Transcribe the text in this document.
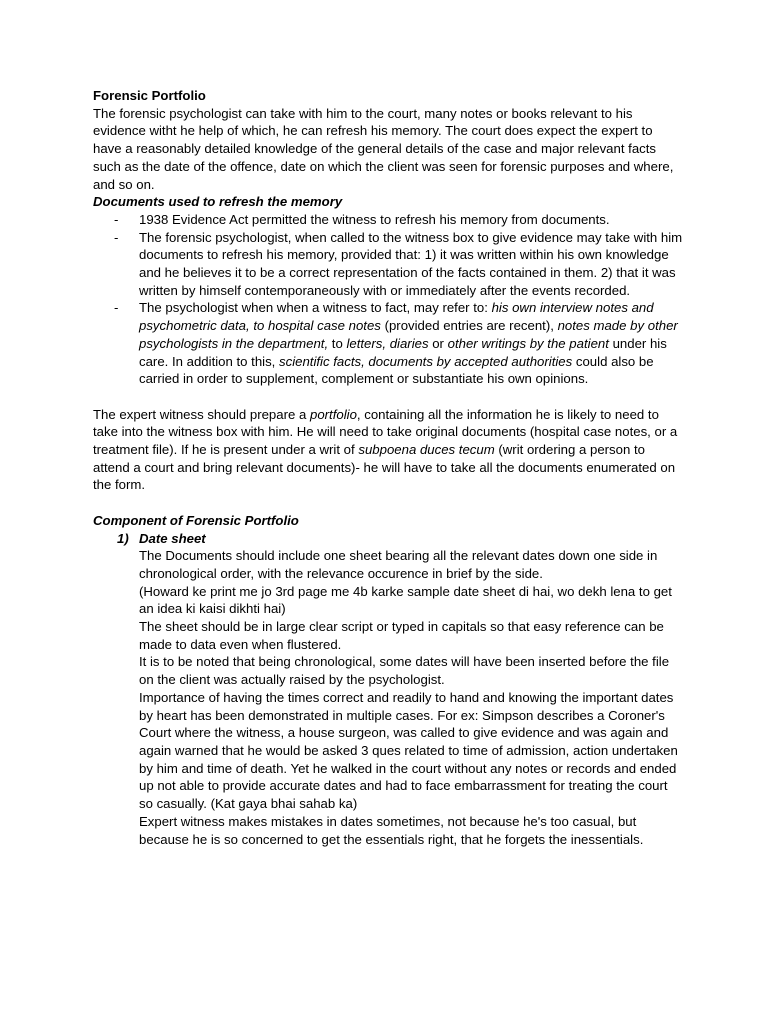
Forensic Portfolio

The forensic psychologist can take with him to the court, many notes or books relevant to his evidence witht he help of which, he can refresh his memory. The court does expect the expert to have a reasonably detailed knowledge of the general details of the case and major relevant facts such as the date of the offence, date on which the client was seen for forensic purposes and where, and so on.

Documents used to refresh the memory

- 1938 Evidence Act permitted the witness to refresh his memory from documents.
- The forensic psychologist, when called to the witness box to give evidence may take with him documents to refresh his memory, provided that: 1) it was written within his own knowledge and he believes it to be a correct representation of the facts contained in them. 2) that it was written by himself contemporaneously with or immediately after the events recorded.
- The psychologist when when a witness to fact, may refer to: his own interview notes and psychometric data, to hospital case notes (provided entries are recent), notes made by other psychologists in the department, to letters, diaries or other writings by the patient under his care. In addition to this, scientific facts, documents by accepted authorities could also be carried in order to supplement, complement or substantiate his own opinions.

The expert witness should prepare a portfolio, containing all the information he is likely to need to take into the witness box with him. He will need to take original documents (hospital case notes, or a treatment file). If he is present under a writ of subpoena duces tecum (writ ordering a person to attend a court and bring relevant documents)- he will have to take all the documents enumerated on the form.

Component of Forensic Portfolio

1) Date sheet

The Documents should include one sheet bearing all the relevant dates down one side in chronological order, with the relevance occurence in brief by the side.

(Howard ke print me jo 3rd page me 4b karke sample date sheet di hai, wo dekh lena to get an idea ki kaisi dikhti hai)

The sheet should be in large clear script or typed in capitals so that easy reference can be made to data even when flustered.

It is to be noted that being chronological, some dates will have been inserted before the file on the client was actually raised by the psychologist.

Importance of having the times correct and readily to hand and knowing the important dates by heart has been demonstrated in multiple cases. For ex: Simpson describes a Coroner's Court where the witness, a house surgeon, was called to give evidence and was again and again warned that he would be asked 3 ques related to time of admission, action undertaken by him and time of death. Yet he walked in the court without any notes or records and ended up not able to provide accurate dates and had to face embarrassment for treating the court so casually. (Kat gaya bhai sahab ka)

Expert witness makes mistakes in dates sometimes, not because he's too casual, but because he is so concerned to get the essentials right, that he forgets the inessentials.
